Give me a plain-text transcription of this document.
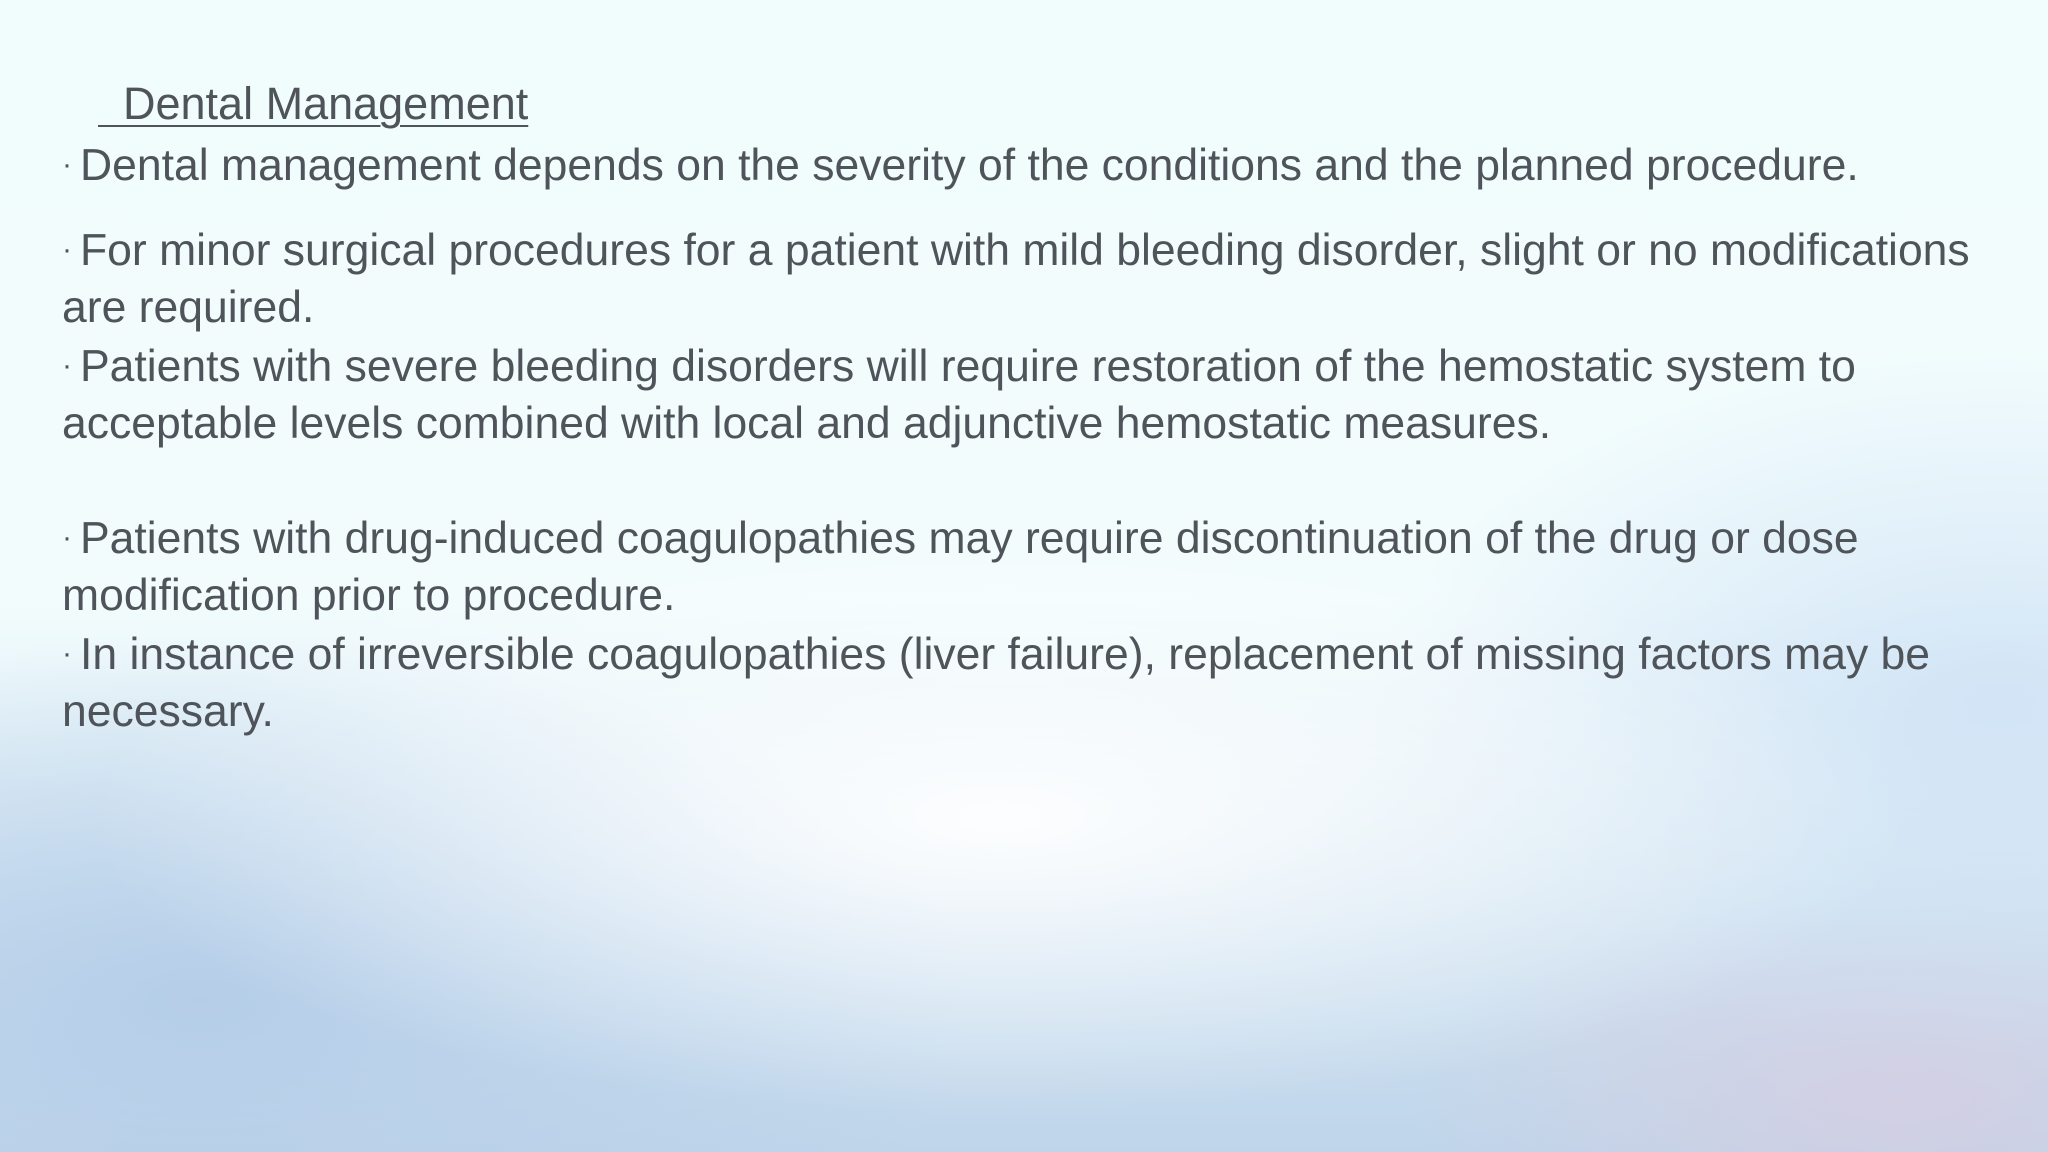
Dental Management

· Dental management depends on the severity of the conditions and the planned procedure.

· For minor surgical procedures for a patient with mild bleeding disorder, slight or no modifications are required.

· Patients with severe bleeding disorders will require restoration of the hemostatic system to acceptable levels combined with local and adjunctive hemostatic measures.

· Patients with drug-induced coagulopathies may require discontinuation of the drug or dose modification prior to procedure.

· In instance of irreversible coagulopathies (liver failure), replacement of missing factors may be necessary.
